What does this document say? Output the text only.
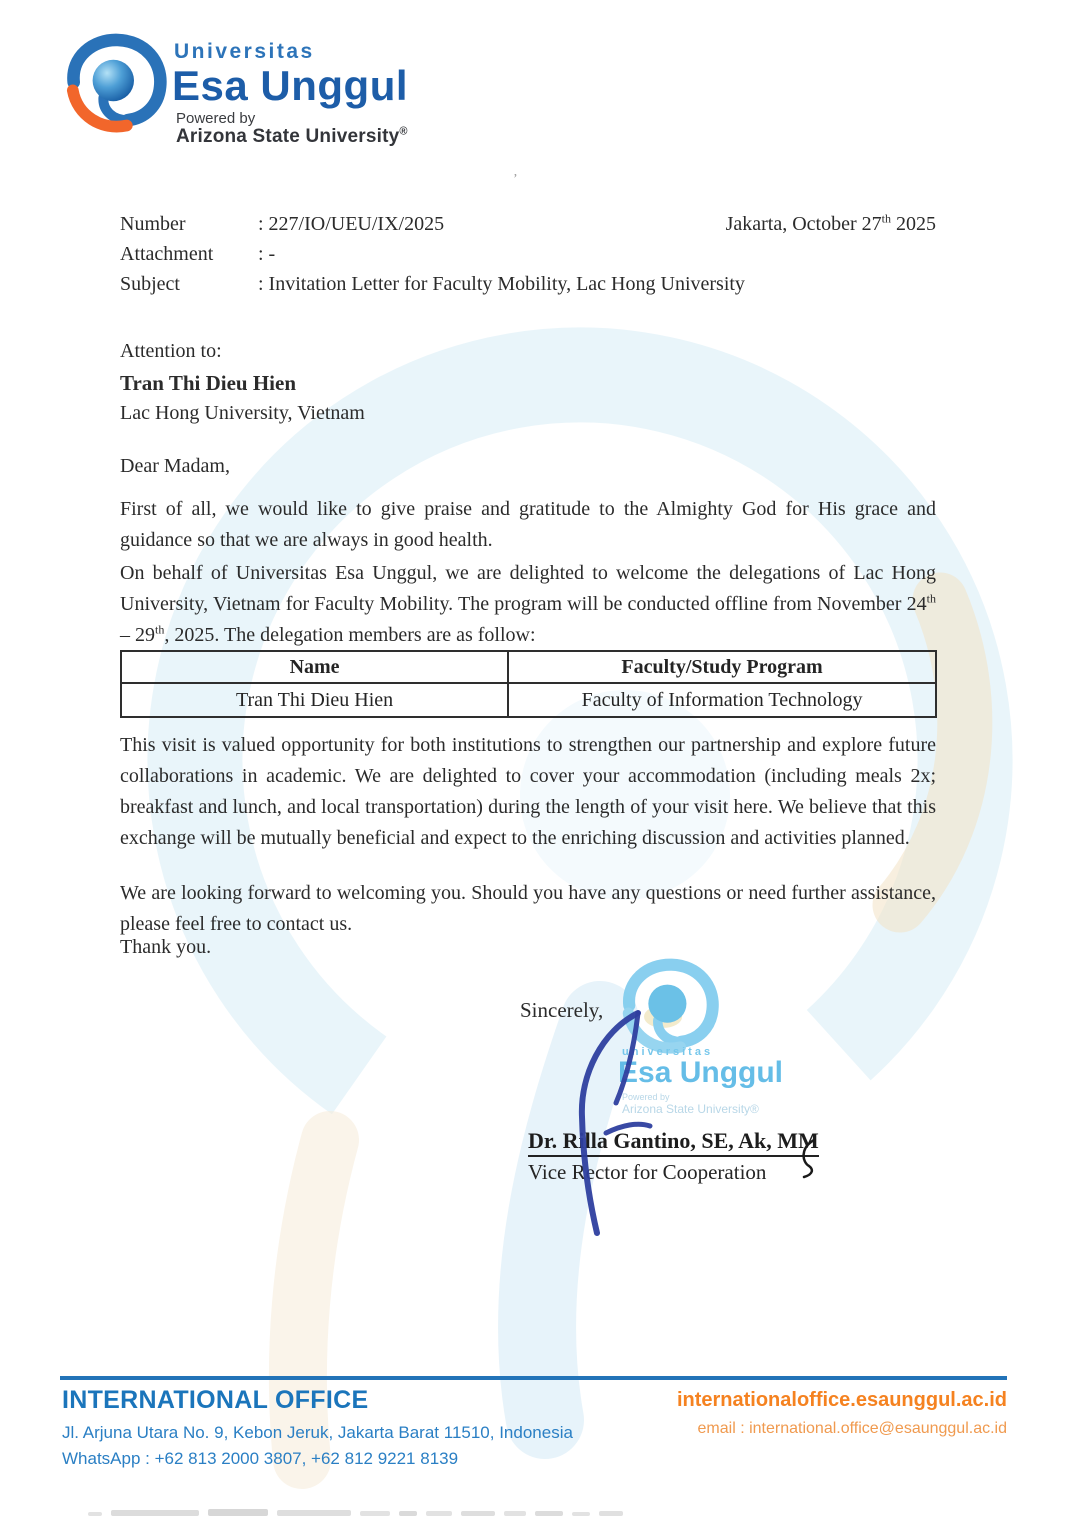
Universitas
Esa Unggul
Powered by
Arizona State University®
’
Number	: 227/IO/UEU/IX/2025
Attachment	: -
Subject	: Invitation Letter for Faculty Mobility, Lac Hong University
Jakarta, October 27th 2025
Attention to:
Tran Thi Dieu Hien
Lac Hong University, Vietnam
Dear Madam,

First of all, we would like to give praise and gratitude to the Almighty God for His grace and guidance so that we are always in good health.

On behalf of Universitas Esa Unggul, we are delighted to welcome the delegations of Lac Hong University, Vietnam for Faculty Mobility. The program will be conducted offline from November 24th – 29th, 2025. The delegation members are as follow:

Name	Faculty/Study Program
Tran Thi Dieu Hien	Faculty of Information Technology

This visit is valued opportunity for both institutions to strengthen our partnership and explore future collaborations in academic. We are delighted to cover your accommodation (including meals 2x; breakfast and lunch, and local transportation) during the length of your visit here. We believe that this exchange will be mutually beneficial and expect to the enriching discussion and activities planned.

We are looking forward to welcoming you. Should you have any questions or need further assistance, please feel free to contact us.

Thank you.
Sincerely,
universitas
Esa Unggul
Powered by
Arizona State University®
Dr. Rilla Gantino, SE, Ak, MM
Vice Rector for Cooperation
INTERNATIONAL OFFICE
Jl. Arjuna Utara No. 9, Kebon Jeruk, Jakarta Barat 11510, Indonesia
WhatsApp : +62 813 2000 3807, +62 812 9221 8139
internationaloffice.esaunggul.ac.id
email : international.office@esaunggul.ac.id
